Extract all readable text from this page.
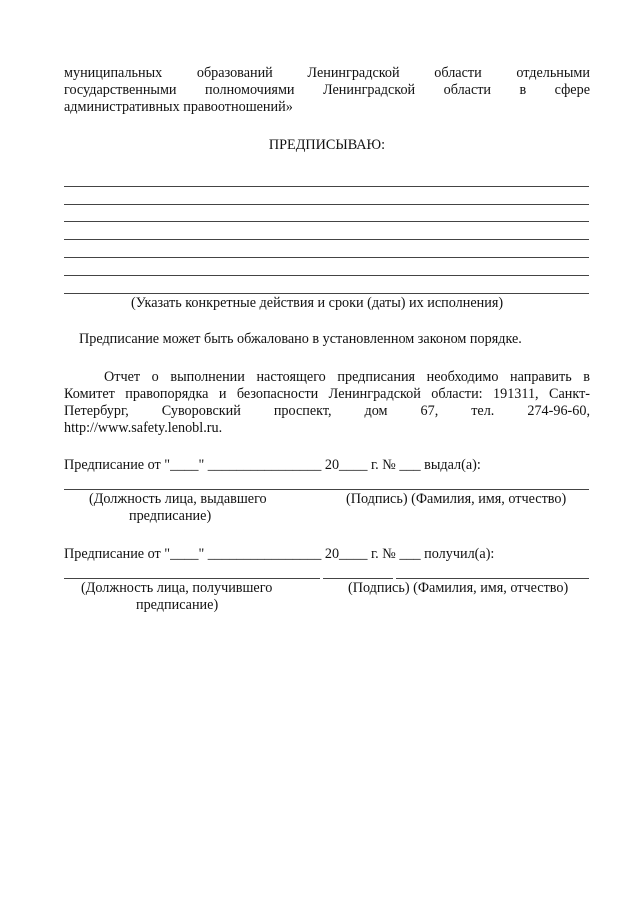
муниципальных образований Ленинградской области отдельными
государственными полномочиями Ленинградской области в сфере
административных правоотношений»
ПРЕДПИСЫВАЮ:
(Указать конкретные действия и сроки (даты) их исполнения)
Предписание может быть обжаловано в установленном законом порядке.
Отчет о выполнении настоящего предписания необходимо направить в
Комитет правопорядка и безопасности Ленинградской области: 191311, Санкт-
Петербург, Суворовский проспект, дом 67, тел. 274-96-60,
http://www.safety.lenobl.ru.
Предписание от "____" ________________ 20____ г. № ___ выдал(а):
(Должность лица, выдавшего
предписание)
(Подпись) (Фамилия, имя, отчество)
Предписание от "____" ________________ 20____ г. № ___ получил(а):
(Должность лица, получившего
предписание)
(Подпись) (Фамилия, имя, отчество)
